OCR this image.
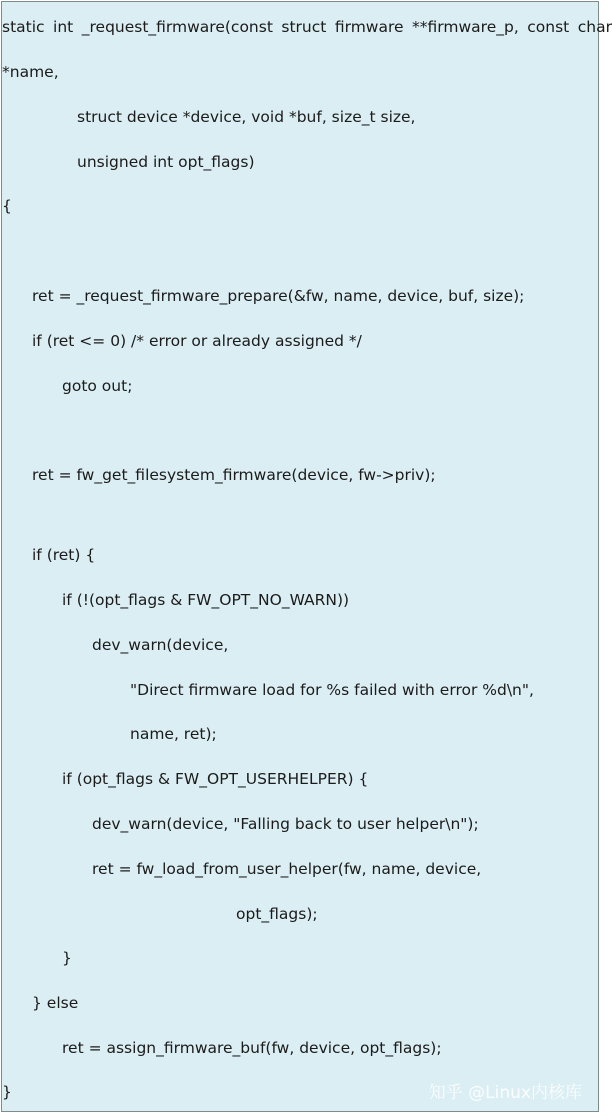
static int _request_firmware(const struct firmware **firmware_p, const char
*name,
struct device *device, void *buf, size_t size,
unsigned int opt_flags)
{
ret = _request_firmware_prepare(&fw, name, device, buf, size);
if (ret <= 0) /* error or already assigned */
goto out;
ret = fw_get_filesystem_firmware(device, fw->priv);
if (ret) {
if (!(opt_flags & FW_OPT_NO_WARN))
dev_warn(device,
"Direct firmware load for %s failed with error %d\n",
name, ret);
if (opt_flags & FW_OPT_USERHELPER) {
dev_warn(device, "Falling back to user helper\n");
ret = fw_load_from_user_helper(fw, name, device,
opt_flags);
}
} else
ret = assign_firmware_buf(fw, device, opt_flags);
}	知乎 @Linux内核库
